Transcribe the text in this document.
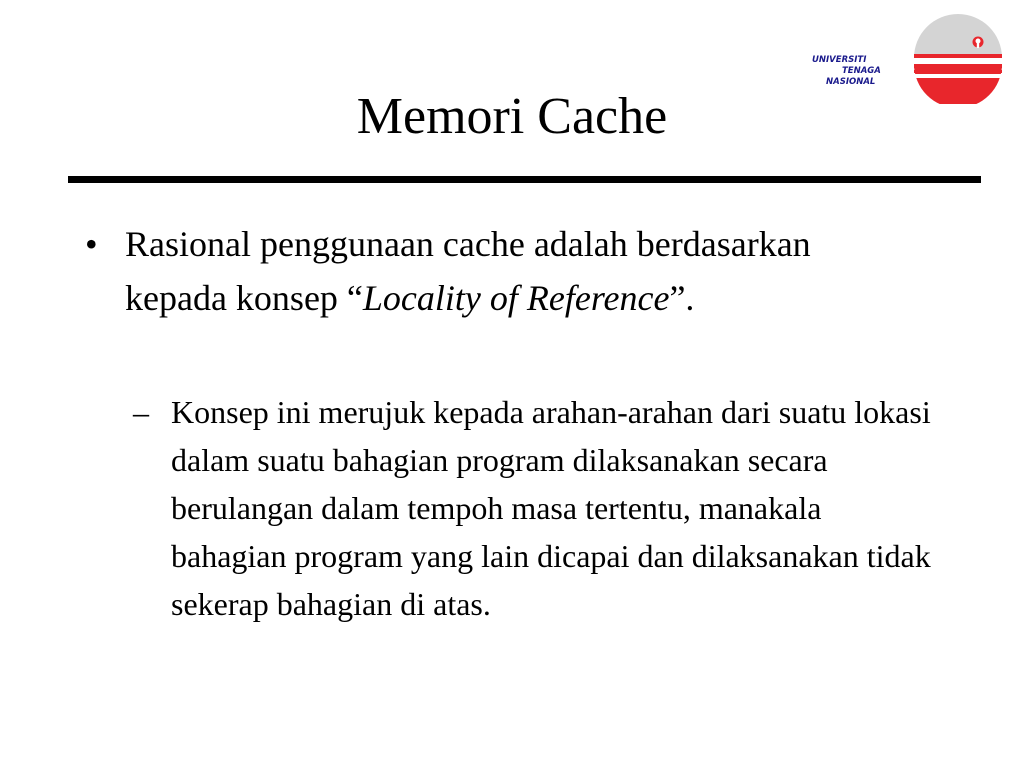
UNIVERSITI
TENAGA
NASIONAL
Memori Cache
• Rasional penggunaan cache adalah berdasarkan kepada konsep “Locality of Reference”.
– Konsep ini merujuk kepada arahan-arahan dari suatu lokasi dalam suatu bahagian program dilaksanakan secara berulangan dalam tempoh masa tertentu, manakala bahagian program yang lain dicapai dan dilaksanakan tidak sekerap bahagian di atas.
